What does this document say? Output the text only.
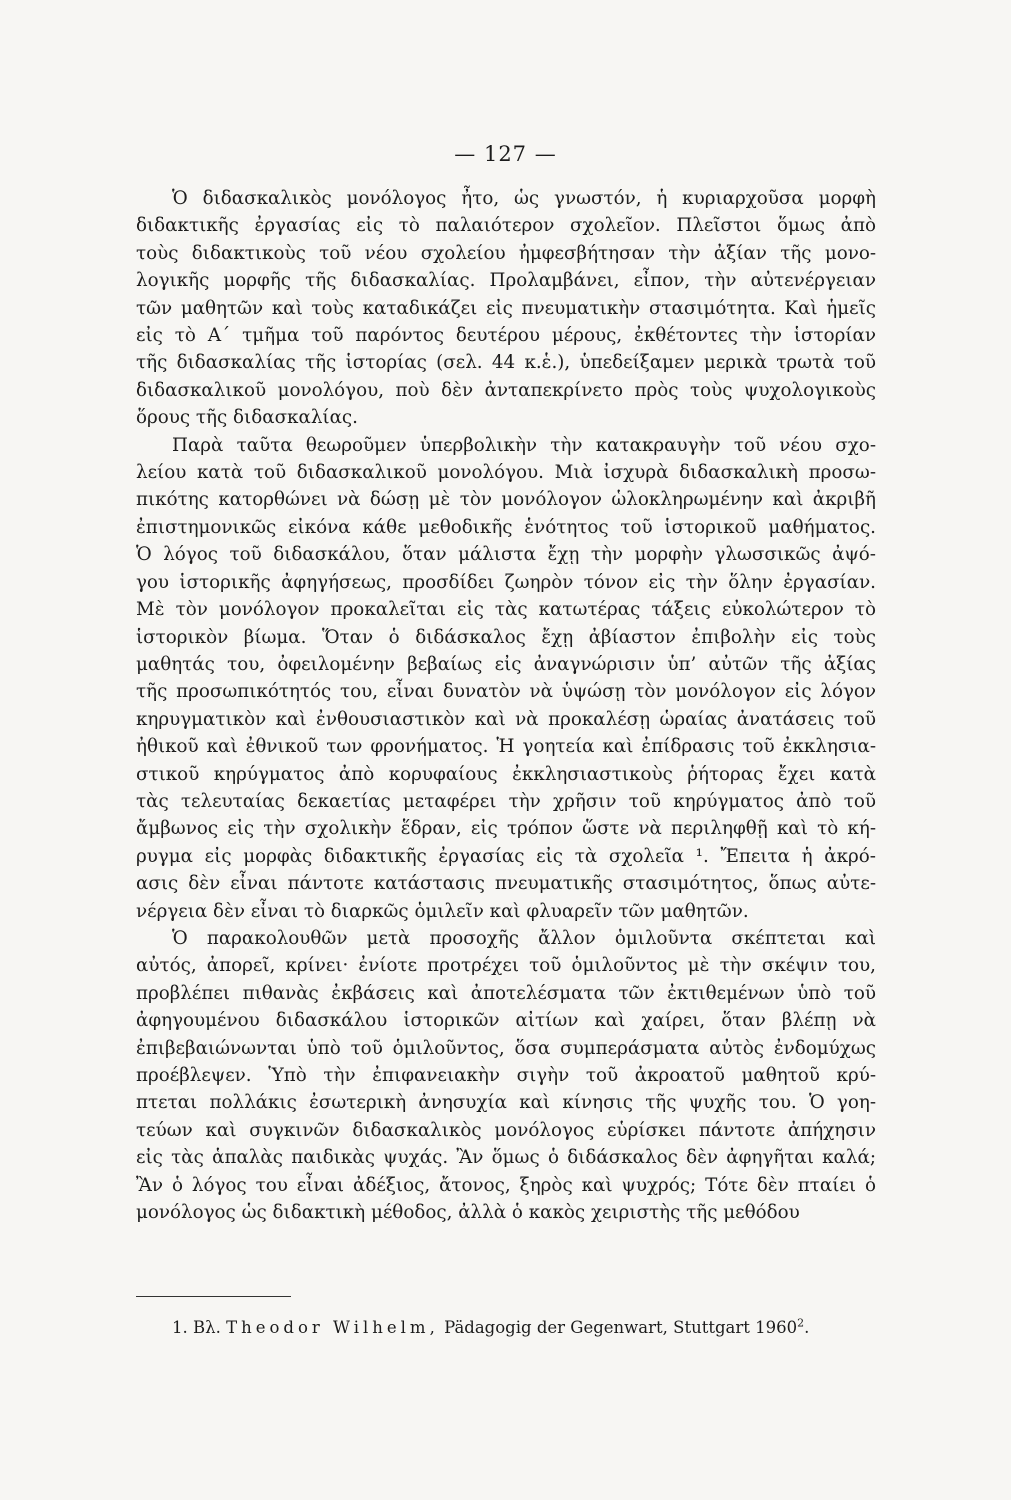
— 127 —

Ὁ διδασκαλικὸς μονόλογος ἦτο, ὡς γνωστόν, ἡ κυριαρχοῦσα μορφὴ

διδακτικῆς ἐργασίας εἰς τὸ παλαιότερον σχολεῖον. Πλεῖστοι ὅμως ἀπὸ

τοὺς διδακτικοὺς τοῦ νέου σχολείου ἠμφεσβήτησαν τὴν ἀξίαν τῆς μονο-

λογικῆς μορφῆς τῆς διδασκαλίας. Προλαμβάνει, εἶπον, τὴν αὐτενέργειαν

τῶν μαθητῶν καὶ τοὺς καταδικάζει εἰς πνευματικὴν στασιμότητα. Καὶ ἡμεῖς

εἰς τὸ Α΄ τμῆμα τοῦ παρόντος δευτέρου μέρους, ἐκθέτοντες τὴν ἱστορίαν

τῆς διδασκαλίας τῆς ἱστορίας (σελ. 44 κ.ἑ.), ὑπεδείξαμεν μερικὰ τρωτὰ τοῦ

διδασκαλικοῦ μονολόγου, ποὺ δὲν ἀνταπεκρίνετο πρὸς τοὺς ψυχολογικοὺς

ὅρους τῆς διδασκαλίας.

Παρὰ ταῦτα θεωροῦμεν ὑπερβολικὴν τὴν κατακραυγὴν τοῦ νέου σχο-

λείου κατὰ τοῦ διδασκαλικοῦ μονολόγου. Μιὰ ἰσχυρὰ διδασκαλικὴ προσω-

πικότης κατορθώνει νὰ δώσῃ μὲ τὸν μονόλογον ὡλοκληρωμένην καὶ ἀκριβῆ

ἐπιστημονικῶς εἰκόνα κάθε μεθοδικῆς ἑνότητος τοῦ ἱστορικοῦ μαθήματος.

Ὁ λόγος τοῦ διδασκάλου, ὅταν μάλιστα ἔχῃ τὴν μορφὴν γλωσσικῶς ἀψό-

γου ἱστορικῆς ἀφηγήσεως, προσδίδει ζωηρὸν τόνον εἰς τὴν ὅλην ἐργασίαν.

Μὲ τὸν μονόλογον προκαλεῖται εἰς τὰς κατωτέρας τάξεις εὐκολώτερον τὸ

ἱστορικὸν βίωμα. Ὅταν ὁ διδάσκαλος ἔχῃ ἀβίαστον ἐπιβολὴν εἰς τοὺς

μαθητάς του, ὀφειλομένην βεβαίως εἰς ἀναγνώρισιν ὑπ’ αὐτῶν τῆς ἀξίας

τῆς προσωπικότητός του, εἶναι δυνατὸν νὰ ὑψώσῃ τὸν μονόλογον εἰς λόγον

κηρυγματικὸν καὶ ἐνθουσιαστικὸν καὶ νὰ προκαλέσῃ ὡραίας ἀνατάσεις τοῦ

ἠθικοῦ καὶ ἐθνικοῦ των φρονήματος. Ἡ γοητεία καὶ ἐπίδρασις τοῦ ἐκκλησια-

στικοῦ κηρύγματος ἀπὸ κορυφαίους ἐκκλησιαστικοὺς ῥήτορας ἔχει κατὰ

τὰς τελευταίας δεκαετίας μεταφέρει τὴν χρῆσιν τοῦ κηρύγματος ἀπὸ τοῦ

ἄμβωνος εἰς τὴν σχολικὴν ἕδραν, εἰς τρόπον ὥστε νὰ περιληφθῇ καὶ τὸ κή-

ρυγμα εἰς μορφὰς διδακτικῆς ἐργασίας εἰς τὰ σχολεῖα ¹. Ἔπειτα ἡ ἀκρό-

ασις δὲν εἶναι πάντοτε κατάστασις πνευματικῆς στασιμότητος, ὅπως αὐτε-

νέργεια δὲν εἶναι τὸ διαρκῶς ὁμιλεῖν καὶ φλυαρεῖν τῶν μαθητῶν.

Ὁ παρακολουθῶν μετὰ προσοχῆς ἄλλον ὁμιλοῦντα σκέπτεται καὶ

αὐτός, ἀπορεῖ, κρίνει· ἐνίοτε προτρέχει τοῦ ὁμιλοῦντος μὲ τὴν σκέψιν του,

προβλέπει πιθανὰς ἐκβάσεις καὶ ἀποτελέσματα τῶν ἐκτιθεμένων ὑπὸ τοῦ

ἀφηγουμένου διδασκάλου ἱστορικῶν αἰτίων καὶ χαίρει, ὅταν βλέπῃ νὰ

ἐπιβεβαιώνωνται ὑπὸ τοῦ ὁμιλοῦντος, ὅσα συμπεράσματα αὐτὸς ἐνδομύχως

προέβλεψεν. Ὑπὸ τὴν ἐπιφανειακὴν σιγὴν τοῦ ἀκροατοῦ μαθητοῦ κρύ-

πτεται πολλάκις ἐσωτερικὴ ἀνησυχία καὶ κίνησις τῆς ψυχῆς του. Ὁ γοη-

τεύων καὶ συγκινῶν διδασκαλικὸς μονόλογος εὑρίσκει πάντοτε ἀπήχησιν

εἰς τὰς ἁπαλὰς παιδικὰς ψυχάς. Ἂν ὅμως ὁ διδάσκαλος δὲν ἀφηγῆται καλά;

Ἂν ὁ λόγος του εἶναι ἀδέξιος, ἄτονος, ξηρὸς καὶ ψυχρός; Τότε δὲν πταίει ὁ

μονόλογος ὡς διδακτικὴ μέθοδος, ἀλλὰ ὁ κακὸς χειριστὴς τῆς μεθόδου

1. Βλ. Theodor Wilhelm, Pädagogig der Gegenwart, Stuttgart 1960$^2$.
